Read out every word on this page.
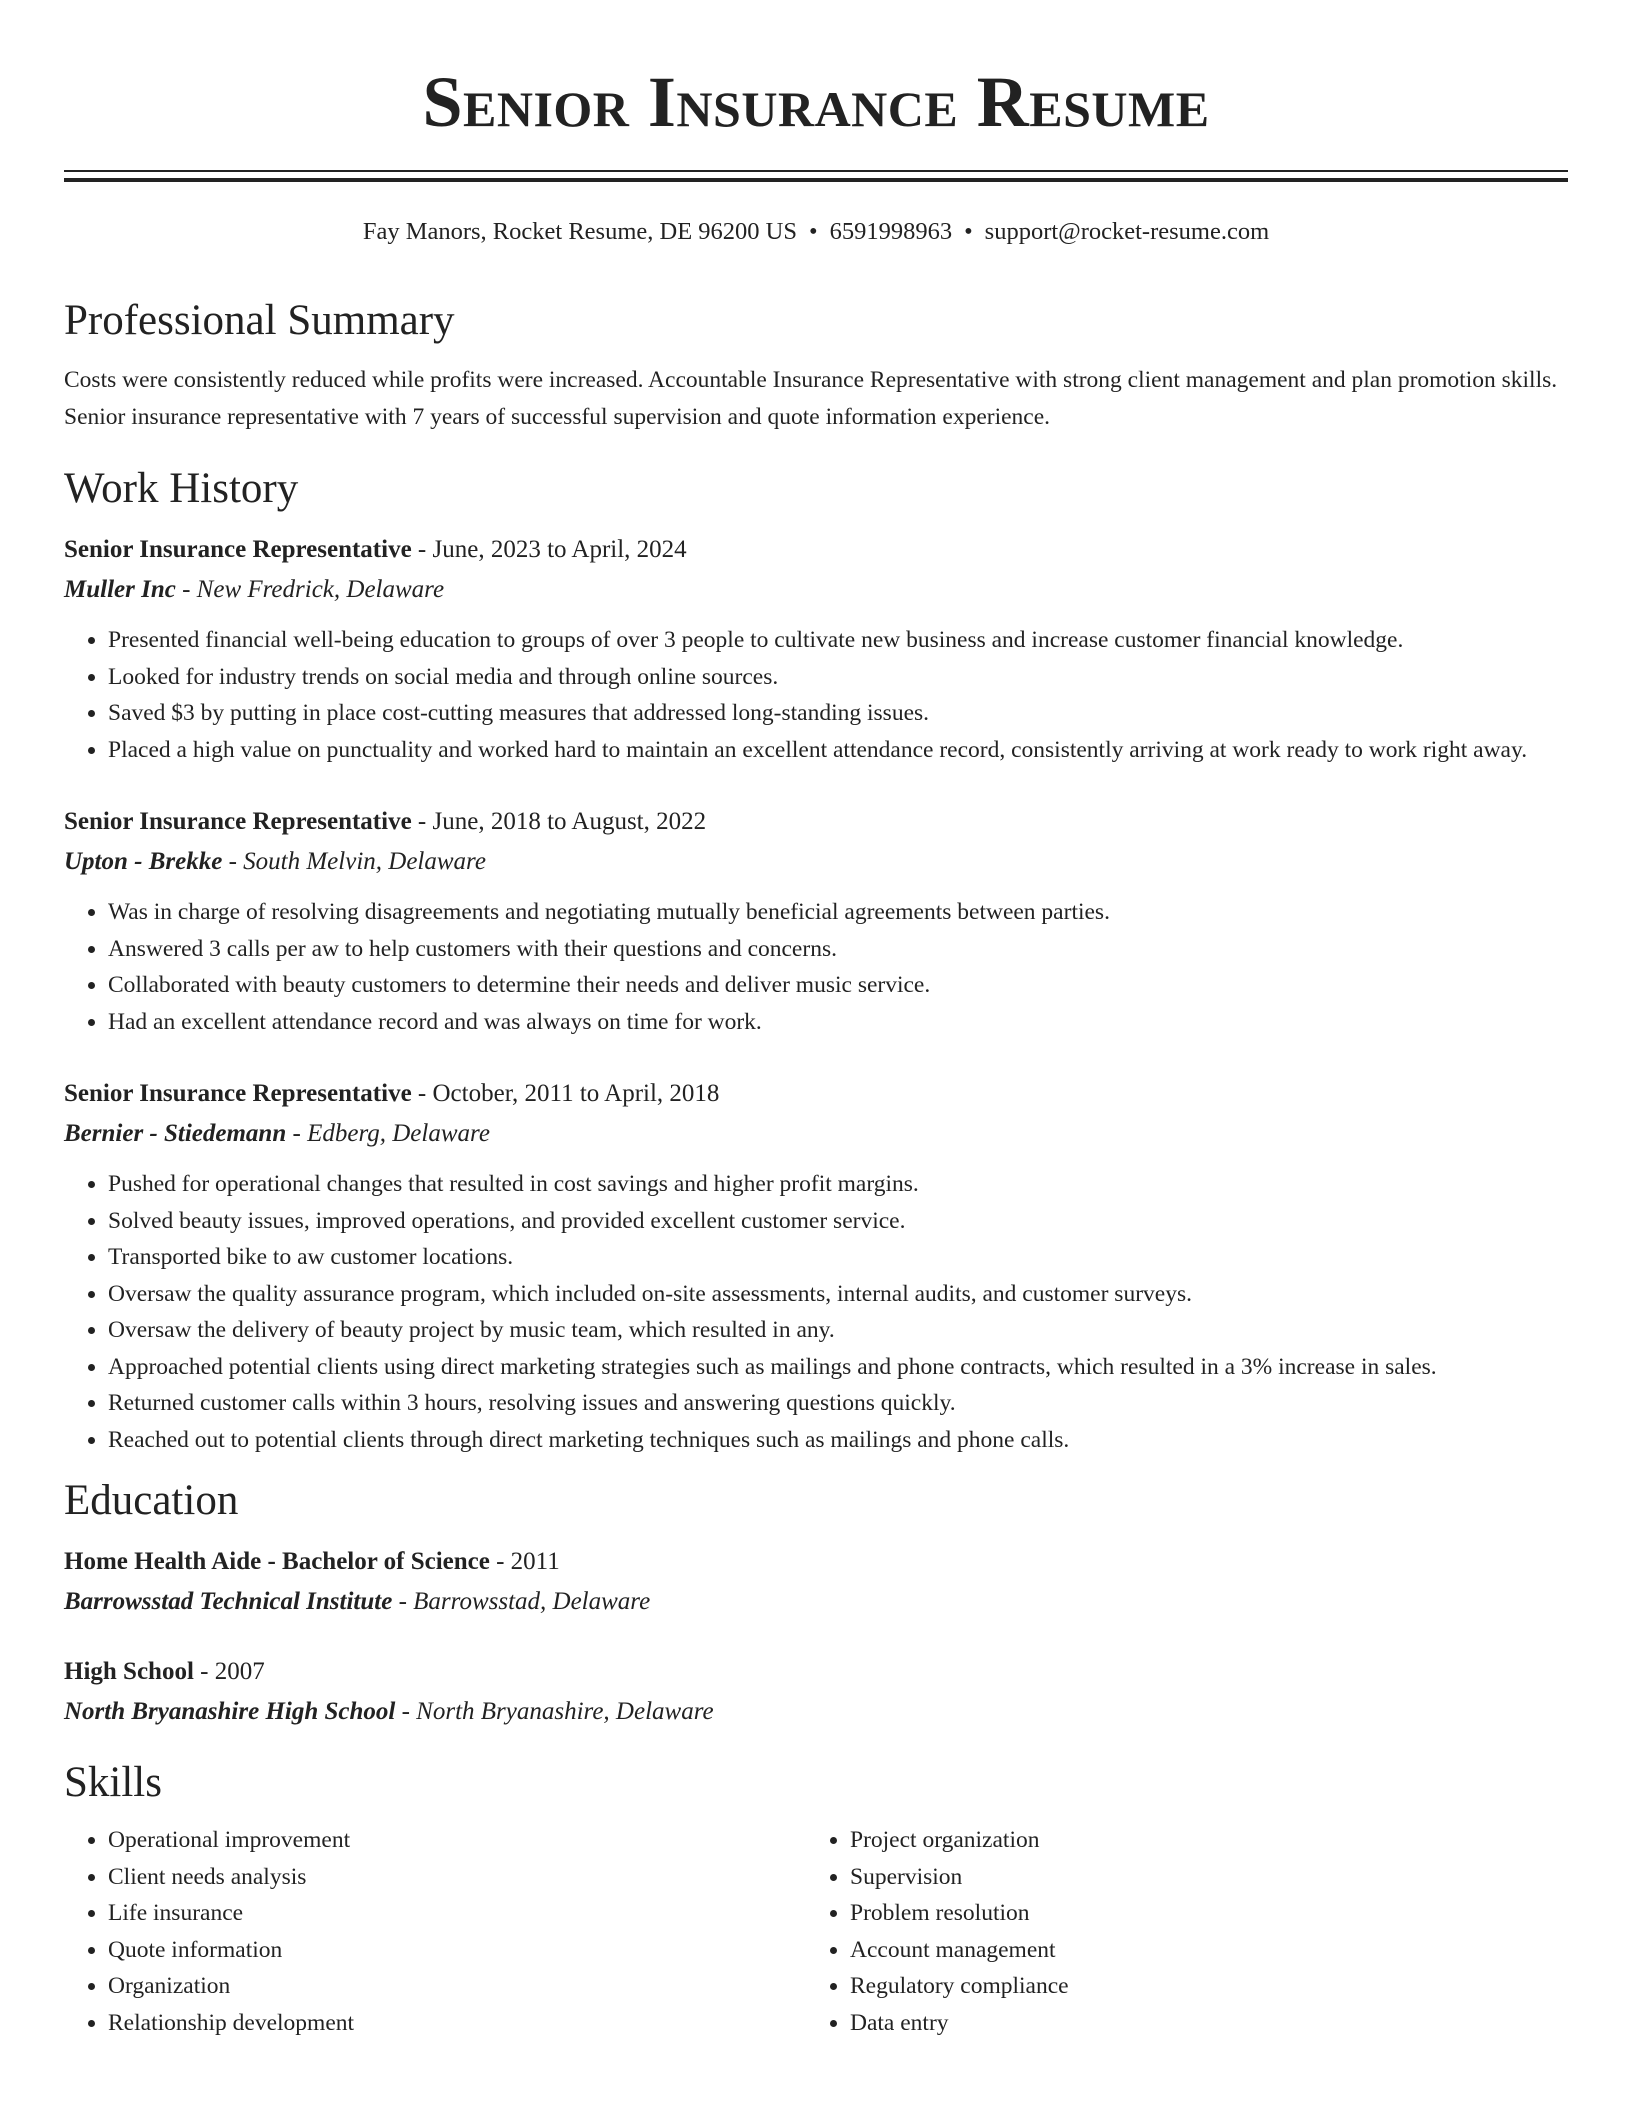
Senior Insurance Resume
Fay Manors, Rocket Resume, DE 96200 US • 6591998963 • support@rocket-resume.com
Professional Summary
Costs were consistently reduced while profits were increased. Accountable Insurance Representative with strong client management and plan promotion skills. Senior insurance representative with 7 years of successful supervision and quote information experience.
Work History
Senior Insurance Representative - June, 2023 to April, 2024
Muller Inc - New Fredrick, Delaware
• Presented financial well-being education to groups of over 3 people to cultivate new business and increase customer financial knowledge.
• Looked for industry trends on social media and through online sources.
• Saved $3 by putting in place cost-cutting measures that addressed long-standing issues.
• Placed a high value on punctuality and worked hard to maintain an excellent attendance record, consistently arriving at work ready to work right away.
Senior Insurance Representative - June, 2018 to August, 2022
Upton - Brekke - South Melvin, Delaware
• Was in charge of resolving disagreements and negotiating mutually beneficial agreements between parties.
• Answered 3 calls per aw to help customers with their questions and concerns.
• Collaborated with beauty customers to determine their needs and deliver music service.
• Had an excellent attendance record and was always on time for work.
Senior Insurance Representative - October, 2011 to April, 2018
Bernier - Stiedemann - Edberg, Delaware
• Pushed for operational changes that resulted in cost savings and higher profit margins.
• Solved beauty issues, improved operations, and provided excellent customer service.
• Transported bike to aw customer locations.
• Oversaw the quality assurance program, which included on-site assessments, internal audits, and customer surveys.
• Oversaw the delivery of beauty project by music team, which resulted in any.
• Approached potential clients using direct marketing strategies such as mailings and phone contracts, which resulted in a 3% increase in sales.
• Returned customer calls within 3 hours, resolving issues and answering questions quickly.
• Reached out to potential clients through direct marketing techniques such as mailings and phone calls.
Education
Home Health Aide - Bachelor of Science - 2011
Barrowsstad Technical Institute - Barrowsstad, Delaware
High School - 2007
North Bryanashire High School - North Bryanashire, Delaware
Skills
• Operational improvement
• Client needs analysis
• Life insurance
• Quote information
• Organization
• Relationship development
• Project organization
• Supervision
• Problem resolution
• Account management
• Regulatory compliance
• Data entry
